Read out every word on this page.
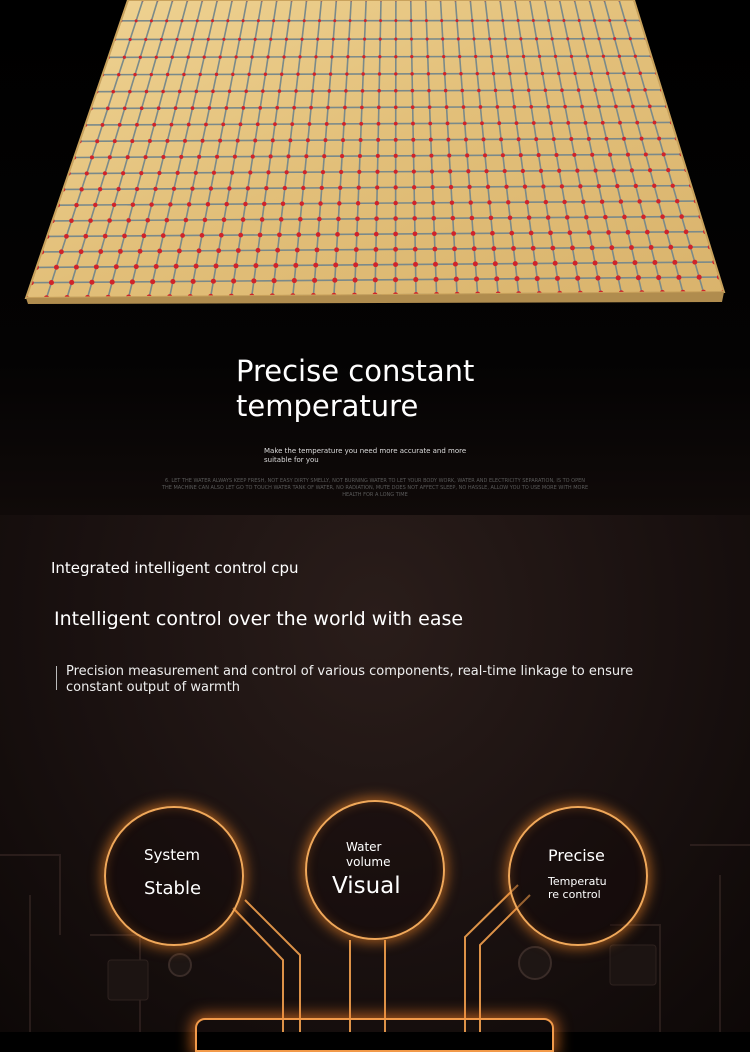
Precise constant
temperature

Make the temperature you need more accurate and more suitable for you

6. LET THE WATER ALWAYS KEEP FRESH, NOT EASY DIRTY SMELLY, NOT BURNING WATER TO LET YOUR BODY WORK, WATER AND ELECTRICITY SEPARATION, IS TO OPEN THE MACHINE CAN ALSO LET GO TO TOUCH WATER TANK OF WATER, NO RADIATION, MUTE DOES NOT AFFECT SLEEP, NO HASSLE, ALLOW YOU TO USE MORE WITH MORE HEALTH FOR A LONG TIME

Integrated intelligent control cpu
Intelligent control over the world with ease

Precision measurement and control of various components, real-time linkage to ensure constant output of warmth

System

Stable

Water

volume

Visual

Precise

Temperatu

re control
